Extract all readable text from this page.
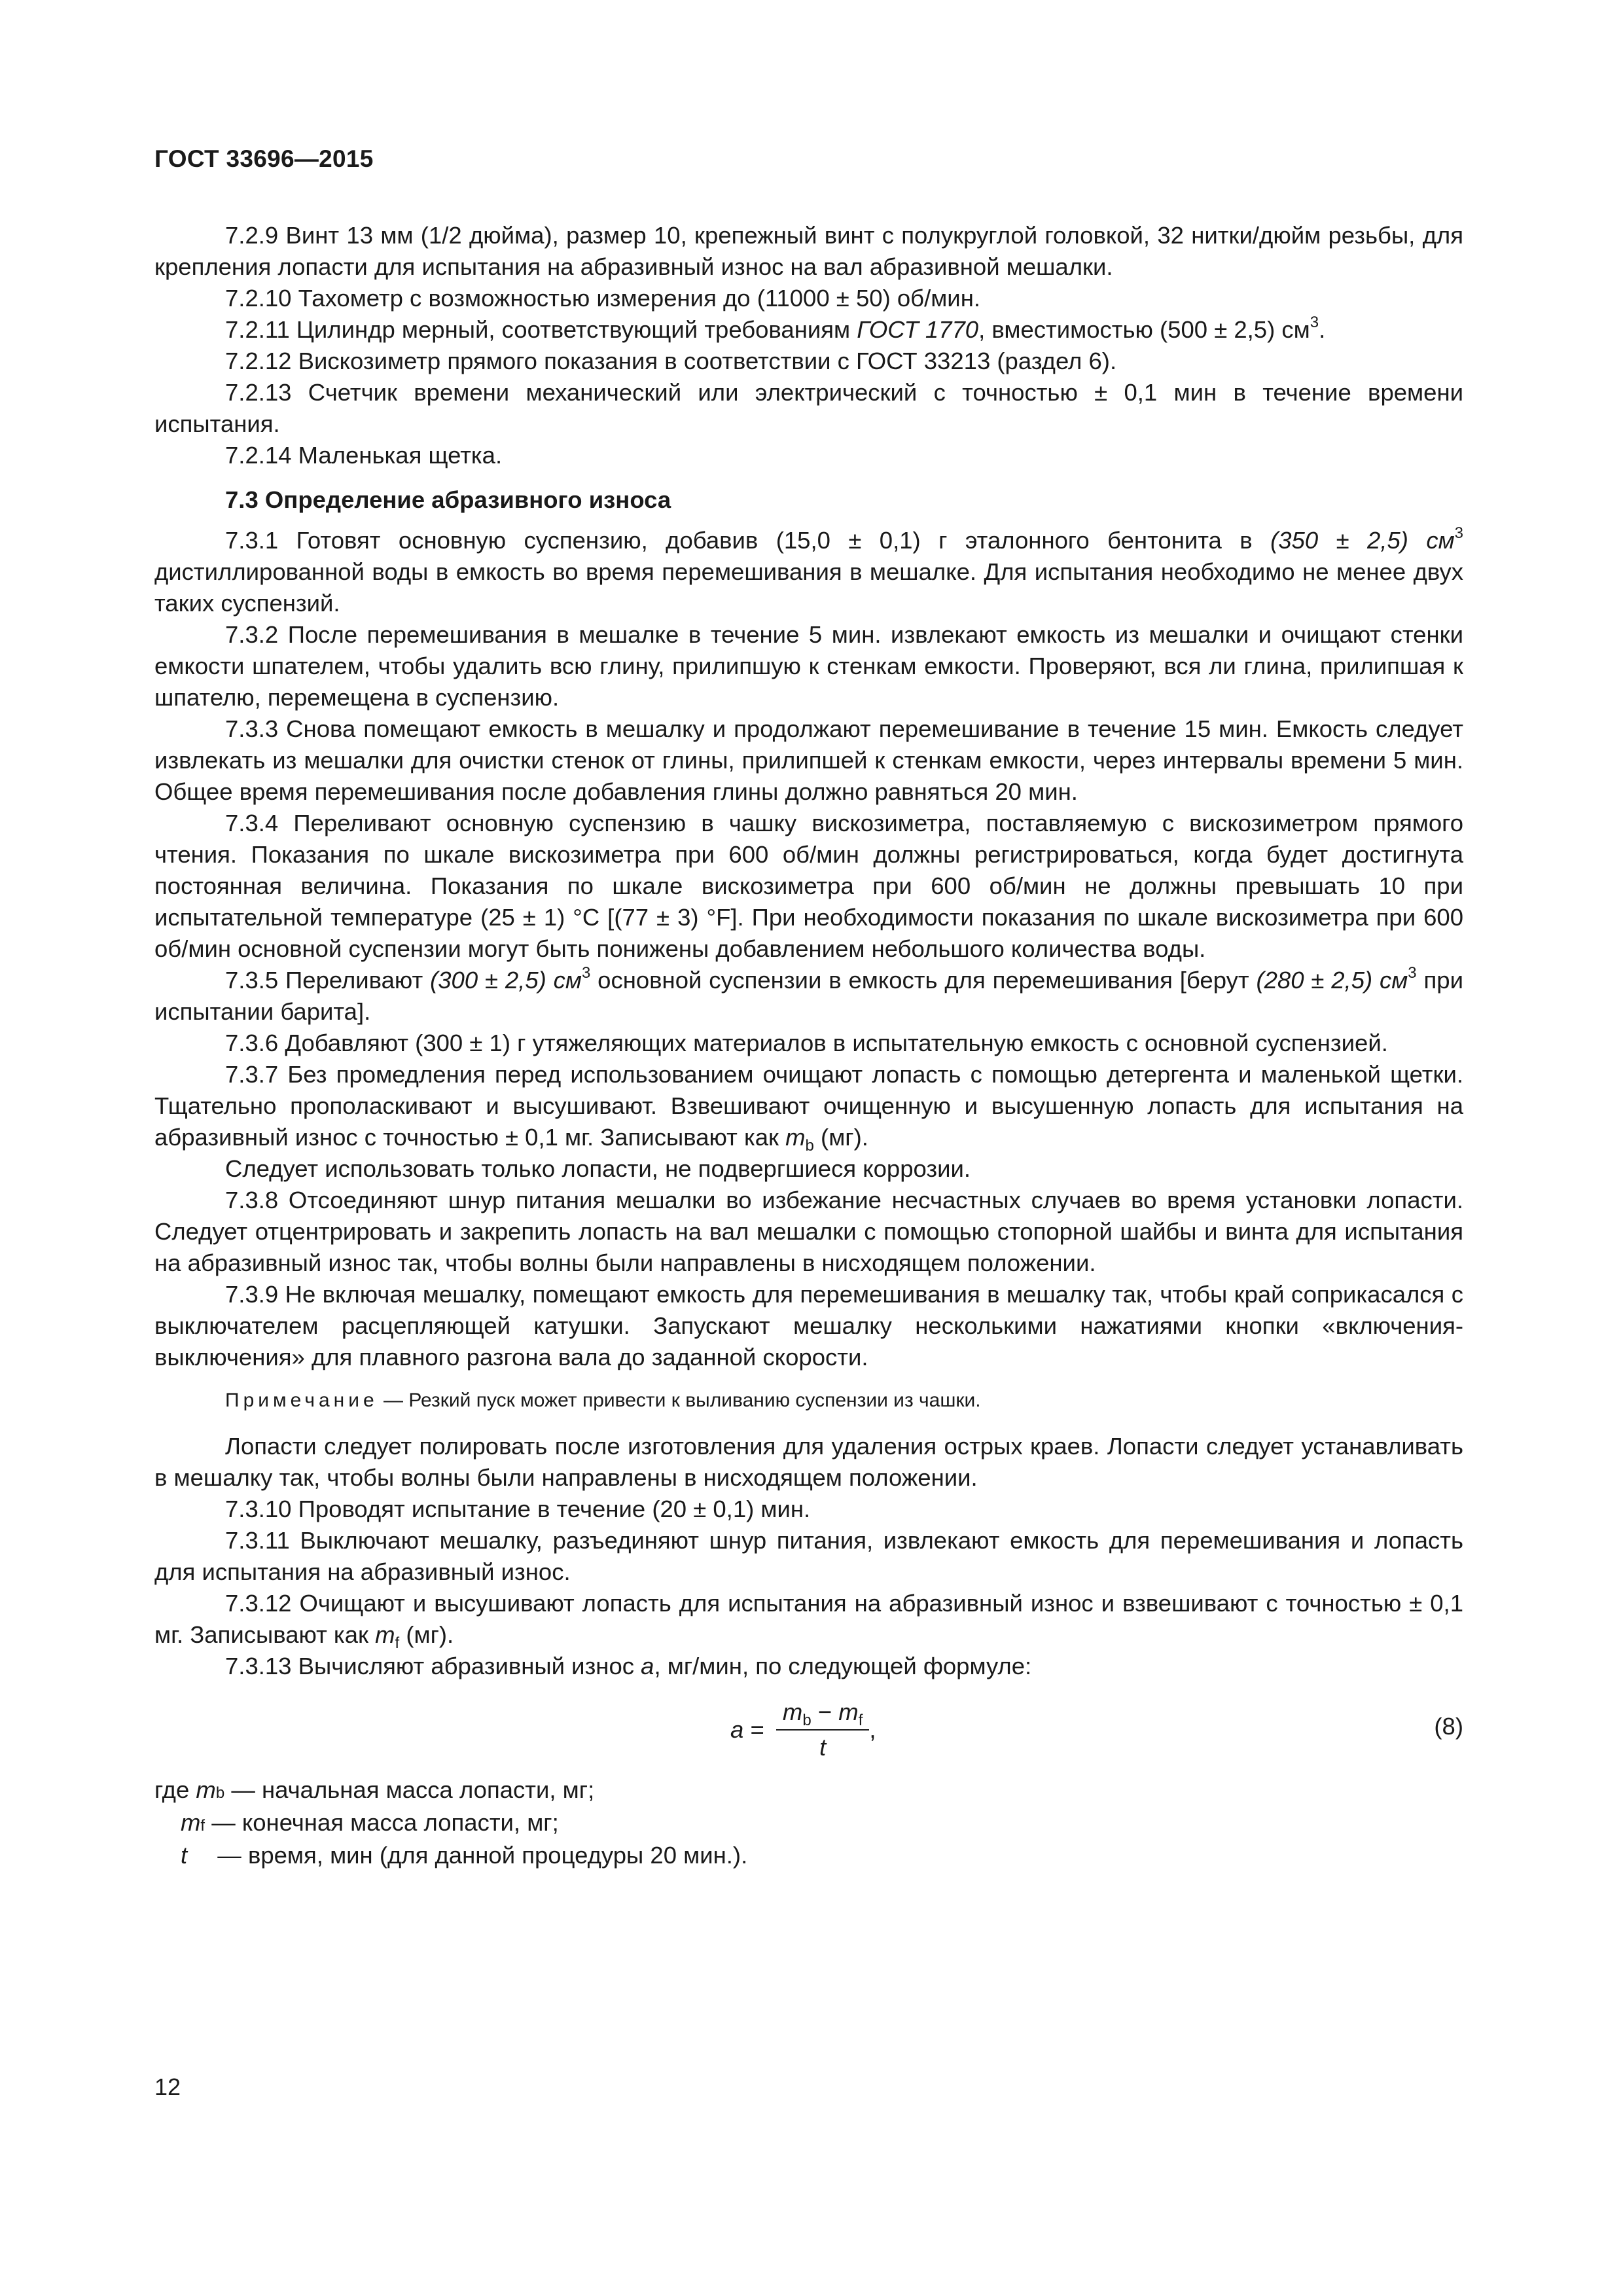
ГОСТ 33696—2015

7.2.9 Винт 13 мм (1/2 дюйма), размер 10, крепежный винт с полукруглой головкой, 32 нитки/дюйм резьбы, для крепления лопасти для испытания на абразивный износ на вал абразивной мешалки.

7.2.10 Тахометр с возможностью измерения до (11000 ± 50) об/мин.

7.2.11 Цилиндр мерный, соответствующий требованиям ГОСТ 1770, вместимостью (500 ± 2,5) $см^3$.

7.2.12 Вискозиметр прямого показания в соответствии с ГОСТ 33213 (раздел 6).

7.2.13 Счетчик времени механический или электрический с точностью ± 0,1 мин в течение времени испытания.

7.2.14 Маленькая щетка.

7.3 Определение абразивного износа

7.3.1 Готовят основную суспензию, добавив (15,0 ± 0,1) г эталонного бентонита в (350 ± 2,5) $см^3$ дистиллированной воды в емкость во время перемешивания в мешалке. Для испытания необходимо не менее двух таких суспензий.

7.3.2 После перемешивания в мешалке в течение 5 мин. извлекают емкость из мешалки и очищают стенки емкости шпателем, чтобы удалить всю глину, прилипшую к стенкам емкости. Проверяют, вся ли глина, прилипшая к шпателю, перемещена в суспензию.

7.3.3 Снова помещают емкость в мешалку и продолжают перемешивание в течение 15 мин. Емкость следует извлекать из мешалки для очистки стенок от глины, прилипшей к стенкам емкости, через интервалы времени 5 мин. Общее время перемешивания после добавления глины должно равняться 20 мин.

7.3.4 Переливают основную суспензию в чашку вискозиметра, поставляемую с вискозиметром прямого чтения. Показания по шкале вискозиметра при 600 об/мин должны регистрироваться, когда будет достигнута постоянная величина. Показания по шкале вискозиметра при 600 об/мин не должны превышать 10 при испытательной температуре (25 ± 1) °C [(77 ± 3) °F]. При необходимости показания по шкале вискозиметра при 600 об/мин основной суспензии могут быть понижены добавлением небольшого количества воды.

7.3.5 Переливают (300 ± 2,5) $см^3$ основной суспензии в емкость для перемешивания [берут (280 ± 2,5) $см^3$ при испытании барита].

7.3.6 Добавляют (300 ± 1) г утяжеляющих материалов в испытательную емкость с основной суспензией.

7.3.7 Без промедления перед использованием очищают лопасть с помощью детергента и маленькой щетки. Тщательно прополаскивают и высушивают. Взвешивают очищенную и высушенную лопасть для испытания на абразивный износ с точностью ± 0,1 мг. Записывают как $m_b$ (мг).

Следует использовать только лопасти, не подвергшиеся коррозии.

7.3.8 Отсоединяют шнур питания мешалки во избежание несчастных случаев во время установки лопасти. Следует отцентрировать и закрепить лопасть на вал мешалки с помощью стопорной шайбы и винта для испытания на абразивный износ так, чтобы волны были направлены в нисходящем положении.

7.3.9 Не включая мешалку, помещают емкость для перемешивания в мешалку так, чтобы край соприкасался с выключателем расцепляющей катушки. Запускают мешалку несколькими нажатиями кнопки «включения-выключения» для плавного разгона вала до заданной скорости.

Примечание — Резкий пуск может привести к выливанию суспензии из чашки.

Лопасти следует полировать после изготовления для удаления острых краев. Лопасти следует устанавливать в мешалку так, чтобы волны были направлены в нисходящем положении.

7.3.10 Проводят испытание в течение (20 ± 0,1) мин.

7.3.11 Выключают мешалку, разъединяют шнур питания, извлекают емкость для перемешивания и лопасть для испытания на абразивный износ.

7.3.12 Очищают и высушивают лопасть для испытания на абразивный износ и взвешивают с точностью ± 0,1 мг. Записывают как $m_f$ (мг).

7.3.13 Вычисляют абразивный износ a, мг/мин, по следующей формуле:

$a = \frac{m_b - m_f}{t}$ ,	(8)
где m b — начальная масса лопасти, мг;
m f — конечная масса лопасти, мг;
t — время, мин (для данной процедуры 20 мин.).
12
